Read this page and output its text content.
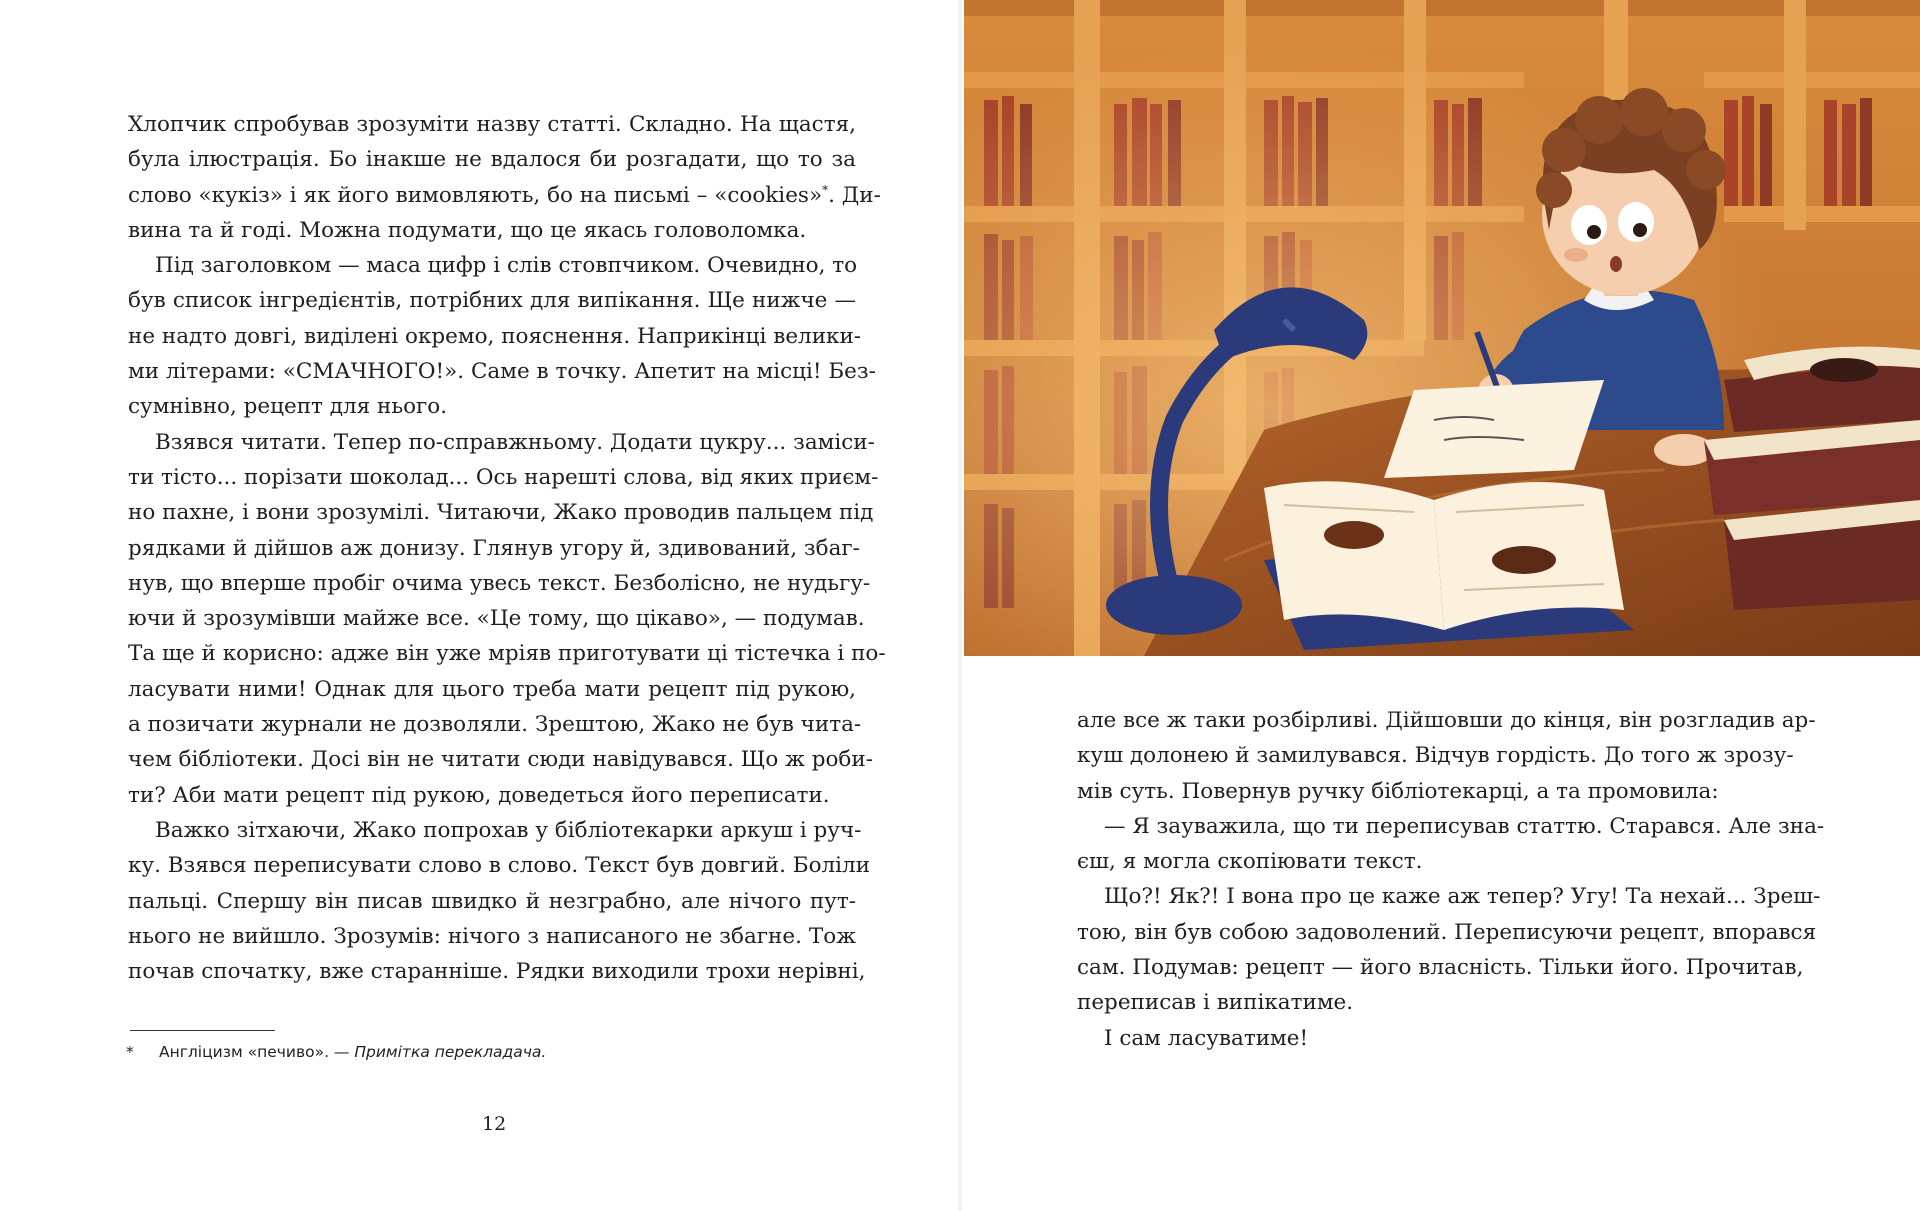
Хлопчик спробував зрозуміти назву статті. Складно. На щастя,
була ілюстрація. Бо інакше не вдалося би розгадати, що то за
слово «кукіз» і як його вимовляють, бо на письмі – «cookies»*. Ди-
вина та й годі. Можна подумати, що це якась головоломка.
Під заголовком — маса цифр і слів стовпчиком. Очевидно, то
був список інгредієнтів, потрібних для випікання. Ще нижче —
не надто довгі, виділені окремо, пояснення. Наприкінці велики-
ми літерами: «СМАЧНОГО!». Саме в точку. Апетит на місці! Без-
сумнівно, рецепт для нього.
Взявся читати. Тепер по-справжньому. Додати цукру... заміси-
ти тісто... порізати шоколад... Ось нарешті слова, від яких приєм-
но пахне, і вони зрозумілі. Читаючи, Жако проводив пальцем під
рядками й дійшов аж донизу. Глянув угору й, здивований, збаг-
нув, що вперше пробіг очима увесь текст. Безболісно, не нудьгу-
ючи й зрозумівши майже все. «Це тому, що цікаво», — подумав.
Та ще й корисно: адже він уже мріяв приготувати ці тістечка і по-
ласувати ними! Однак для цього треба мати рецепт під рукою,
а позичати журнали не дозволяли. Зрештою, Жако не був чита-
чем бібліотеки. Досі він не читати сюди навідувався. Що ж роби-
ти? Аби мати рецепт під рукою, доведеться його переписати.
Важко зітхаючи, Жако попрохав у бібліотекарки аркуш і руч-
ку. Взявся переписувати слово в слово. Текст був довгий. Боліли
пальці. Спершу він писав швидко й незграбно, але нічого пут-
нього не вийшло. Зрозумів: нічого з написаного не збагне. Тож
почав спочатку, вже старанніше. Рядки виходили трохи нерівні,
* Англіцизм «печиво». — Примітка перекладача.
12
але все ж таки розбірливі. Дійшовши до кінця, він розгладив ар-
куш долонею й замилувався. Відчув гордість. До того ж зрозу-
мів суть. Повернув ручку бібліотекарці, а та промовила:
— Я зауважила, що ти переписував статтю. Старався. Але зна-
єш, я могла скопіювати текст.
Що?! Як?! І вона про це каже аж тепер? Угу! Та нехай... Зреш-
тою, він був собою задоволений. Переписуючи рецепт, впорався
сам. Подумав: рецепт — його власність. Тільки його. Прочитав,
переписав і випікатиме.
І сам ласуватиме!
